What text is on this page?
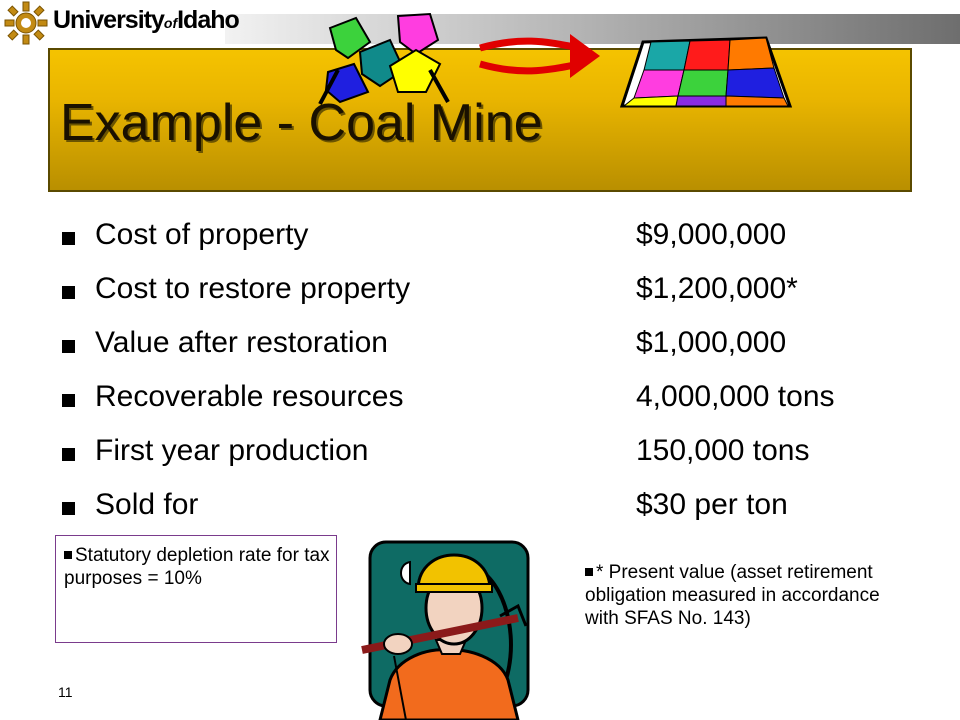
UniversityofIdaho
Example - Coal Mine
Cost of property	$9,000,000
Cost to restore property	$1,200,000*
Value after restoration	$1,000,000
Recoverable resources	4,000,000 tons
First year production	150,000 tons
Sold for	$30 per ton
Statutory depletion rate for tax purposes = 10%	* Present value (asset retirement obligation measured in accordance with SFAS No. 143)
11
